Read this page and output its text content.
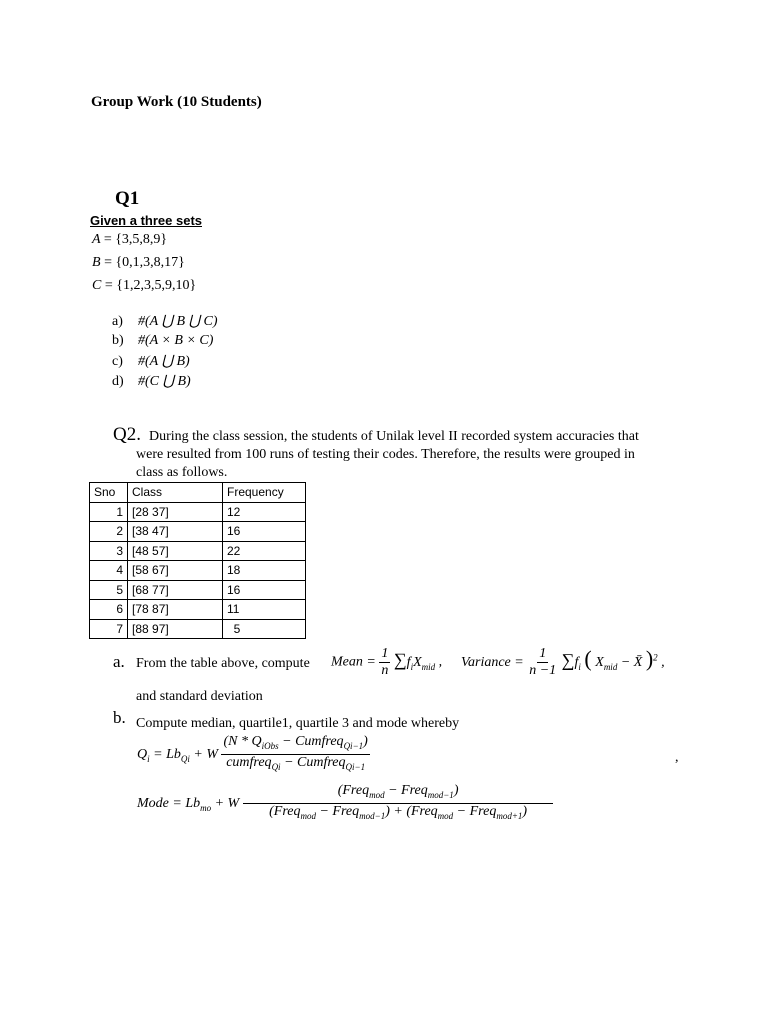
Group Work (10 Students)
Q1
Given a three sets
A = {3,5,8,9}
B = {0,1,3,8,17}
C = {1,2,3,5,9,10}
a) #(A ⋃ B ⋃ C)
b) #(A × B × C)
c) #(A ⋃ B)
d) #(C ⋃ B)
Q2. During the class session, the students of Unilak level II recorded system accuracies that
were resulted from 100 runs of testing their codes. Therefore, the results were grouped in
class as follows.
Sno	Class	Frequency
1	[28 37]	12
2	[38 47]	16
3	[48 57]	22
4	[58 67]	18
5	[68 77]	16
6	[78 87]	11
7	[88 97]	5
a. From the table above, compute Mean = $\frac{1}{n} \sum f_iX_{mid}$ , Variance = $\frac{1}{n -1} \sum f_i$ ( $X_{mid}$ − X̄ )$^2$ ,
and standard deviation
b. Compute median, quartile1, quartile 3 and mode whereby
$Q_i = Lb_{Qi} + W \frac{(N * Q_{iObs} - Cumfreq_{Qi-1})}{cumfreq_{Qi} - Cumfreq_{Qi-1}}$	,
Mode = $Lb_{mo} + W \frac{(Freq_{mod} - Freq_{mod-1})}{(Freq_{mod} - Freq_{mod-1}) + (Freq_{mod} - Freq_{mod+1})}$
